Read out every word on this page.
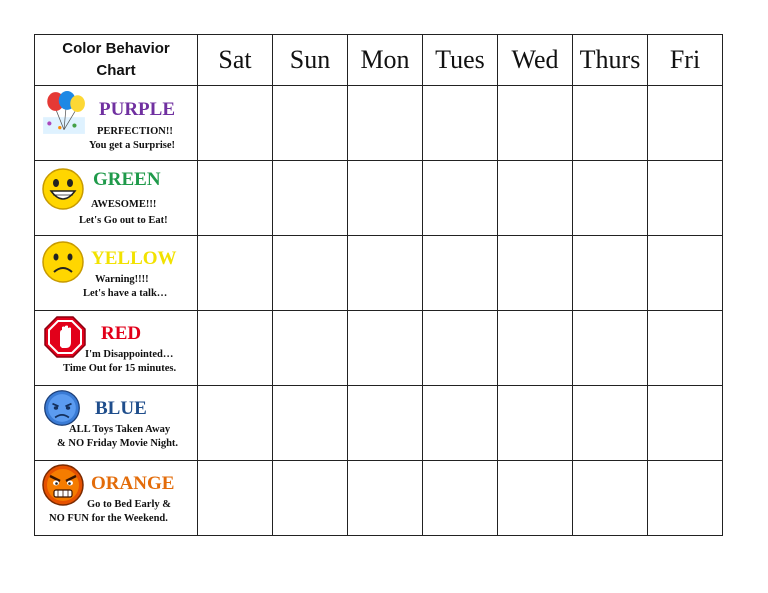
Color Behavior
Chart	Sat	Sun	Mon	Tues	Wed	Thurs	Fri

PURPLE
PERFECTION!!
You get a Surprise!							

GREEN
AWESOME!!!
Let's Go out to Eat!							

YELLOW
Warning!!!!
Let's have a talk…							

RED
I'm Disappointed…
Time Out for 15 minutes.							

BLUE
ALL Toys Taken Away
& NO Friday Movie Night.							

ORANGE
Go to Bed Early &
NO FUN for the Weekend.							
